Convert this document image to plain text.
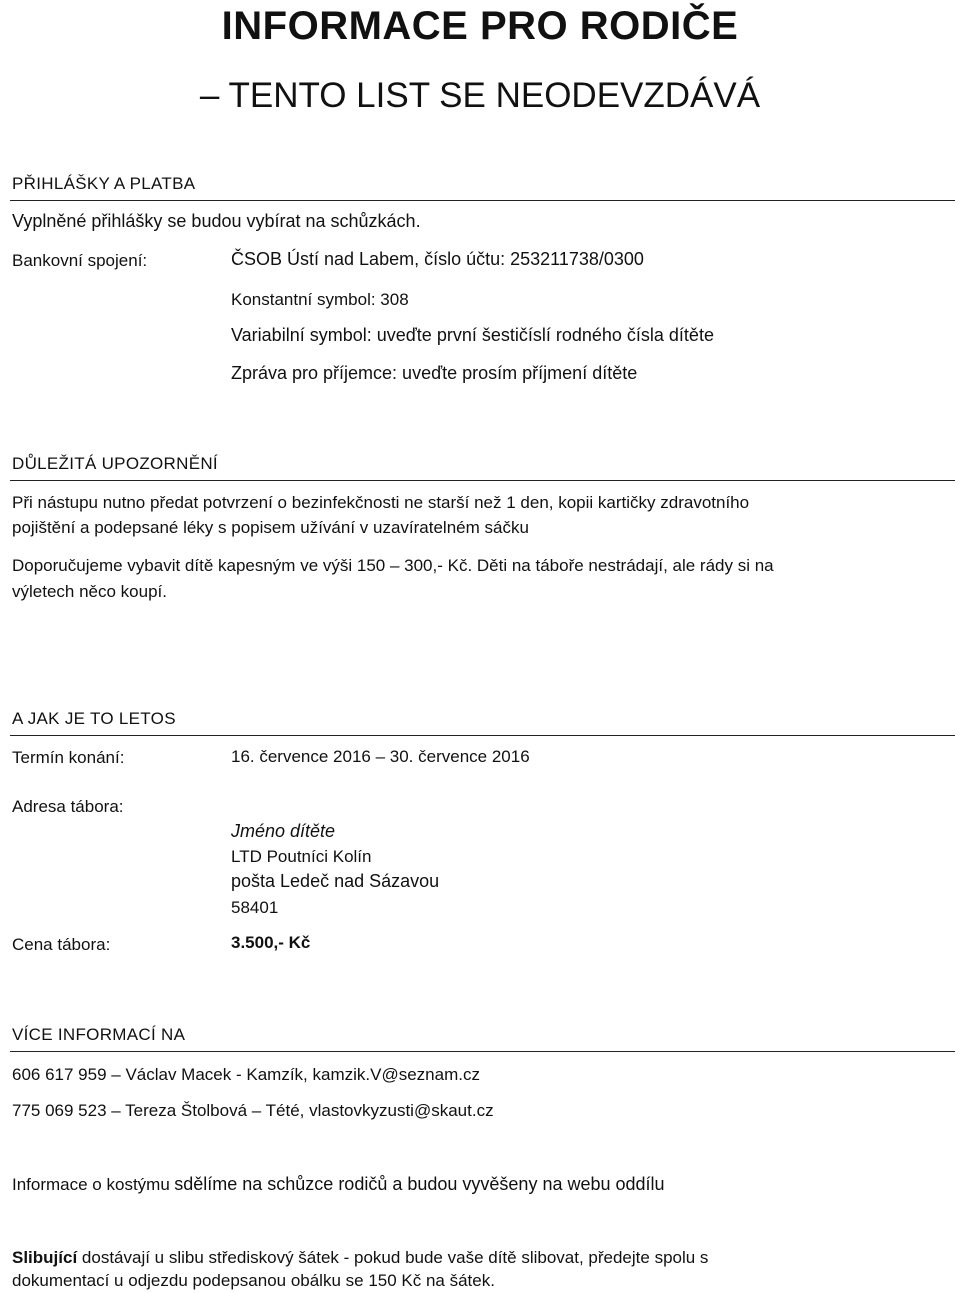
INFORMACE PRO RODIČE
– TENTO LIST SE NEODEVZDÁVÁ
PŘIHLÁŠKY A PLATBA
Vyplněné přihlášky se budou vybírat na schůzkách.
Bankovní spojení:	ČSOB Ústí nad Labem, číslo účtu: 253211738/0300
Konstantní symbol: 308
Variabilní symbol: uveďte první šestičíslí rodného čísla dítěte
Zpráva pro příjemce: uveďte prosím příjmení dítěte
DŮLEŽITÁ UPOZORNĚNÍ
Při nástupu nutno předat potvrzení o bezinfekčnosti ne starší než 1 den, kopii kartičky zdravotního
pojištění a podepsané léky s popisem užívání v uzavíratelném sáčku
Doporučujeme vybavit dítě kapesným ve výši 150 – 300,- Kč. Děti na táboře nestrádají, ale rády si na
výletech něco koupí.
A JAK JE TO LETOS
Termín konání:	16. července 2016 – 30. července 2016
Adresa tábora:
Jméno dítěte
LTD Poutníci Kolín
pošta Ledeč nad Sázavou
58401
Cena tábora:	3.500,- Kč
VÍCE INFORMACÍ NA
606 617 959 – Václav Macek - Kamzík, kamzik.V@seznam.cz
775 069 523 – Tereza Štolbová – Tété, vlastovkyzusti@skaut.cz
Informace o kostýmu sdělíme na schůzce rodičů a budou vyvěšeny na webu oddílu
Slibující dostávají u slibu střediskový šátek - pokud bude vaše dítě slibovat, předejte spolu s
dokumentací u odjezdu podepsanou obálku se 150 Kč na šátek.
